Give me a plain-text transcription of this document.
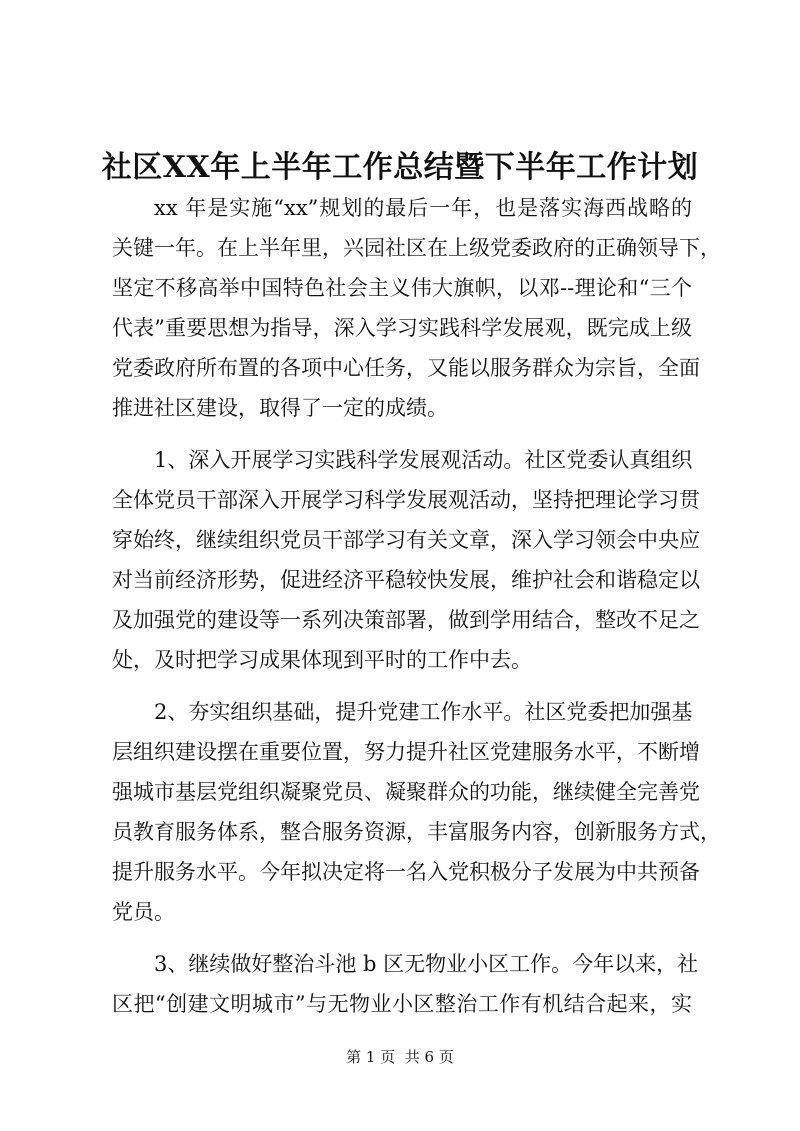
社区XX年上半年工作总结暨下半年工作计划
xx 年是实施“xx”规划的最后一年，也是落实海西战略的
关键一年。在上半年里，兴园社区在上级党委政府的正确领导下，
坚定不移高举中国特色社会主义伟大旗帜，以邓--理论和“三个
代表”重要思想为指导，深入学习实践科学发展观，既完成上级
党委政府所布置的各项中心任务，又能以服务群众为宗旨，全面
推进社区建设，取得了一定的成绩。
1、深入开展学习实践科学发展观活动。社区党委认真组织
全体党员干部深入开展学习科学发展观活动，坚持把理论学习贯
穿始终，继续组织党员干部学习有关文章，深入学习领会中央应
对当前经济形势，促进经济平稳较快发展，维护社会和谐稳定以
及加强党的建设等一系列决策部署，做到学用结合，整改不足之
处，及时把学习成果体现到平时的工作中去。
2、夯实组织基础，提升党建工作水平。社区党委把加强基
层组织建设摆在重要位置，努力提升社区党建服务水平，不断增
强城市基层党组织凝聚党员、凝聚群众的功能，继续健全完善党
员教育服务体系，整合服务资源，丰富服务内容，创新服务方式，
提升服务水平。今年拟决定将一名入党积极分子发展为中共预备
党员。
3、继续做好整治斗池 b 区无物业小区工作。今年以来，社
区把“创建文明城市”与无物业小区整治工作有机结合起来，实
第 1 页  共 6 页
